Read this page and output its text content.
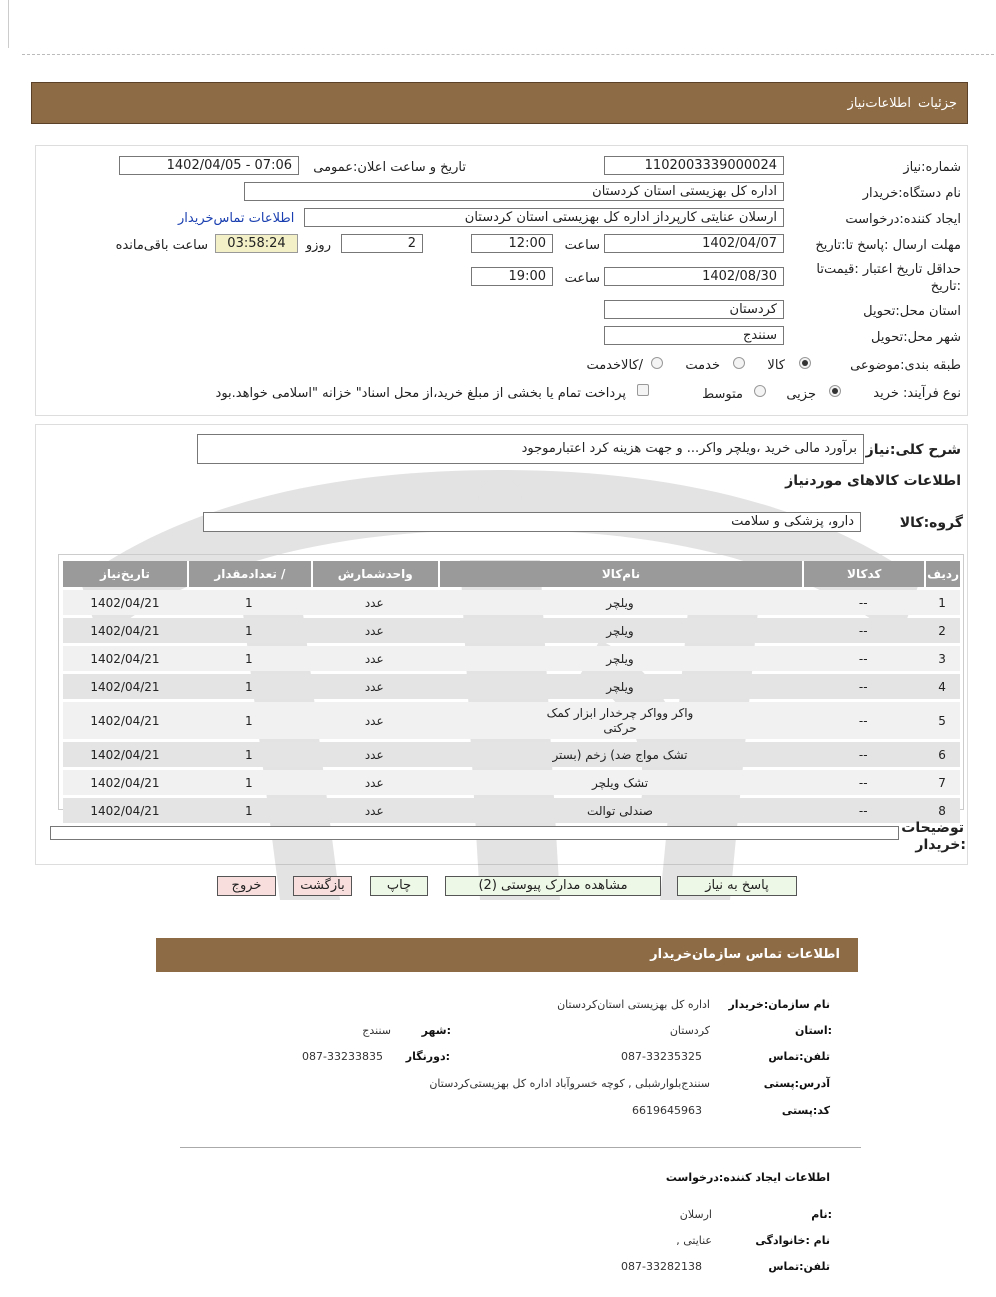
جزئیات
اطلاعات‌نیاز
شماره:نیاز
1102003339000024
تاریخ و ساعت اعلان:عمومی
1402/04/05 - 07:06
نام دستگاه:خریدار
اداره کل بهزیستی استان کردستان
ایجاد کننده:درخواست
ارسلان عنایتی کارپرداز اداره کل بهزیستی استان کردستان
اطلاعات تماس‌خریدار
مهلت ارسال :پاسخ تا:تاریخ
1402/04/07
ساعت
12:00
2
روزو
03:58:24
ساعت باقی‌مانده
حداقل تاریخ اعتبار :قیمت‌تا
:تاریخ
1402/08/30
ساعت
19:00
استان محل:تحویل
کردستان
شهر محل:تحویل
سنندج
طبقه بندی:موضوعی
کالا
خدمت
/کالاخدمت
نوع فرآیند: خرید
جزیی
متوسط
پرداخت تمام یا بخشی از مبلغ خرید،از محل اسناد" خزانه "اسلامی خواهد.بود
شرح کلی:نیاز
برآورد مالی خرید ،ویلچر واکر... و جهت هزینه کرد اعتبارموجود
اطلاعات کالاهای موردنیاز
گروه:کالا
دارو، پزشکی و سلامت
ردیف	کدکالا	نام‌کالا	واحدشمارش	/ تعدادمقدار	تاریخ‌نیاز
1	--	ویلچر	عدد	1	1402/04/21
2	--	ویلچر	عدد	1	1402/04/21
3	--	ویلچر	عدد	1	1402/04/21
4	--	ویلچر	عدد	1	1402/04/21
5	--	واکر وواکر چرخدار ابزار کمک حرکتی	عدد	1	1402/04/21
6	--	تشک مواج ضد) زخم (بستر	عدد	1	1402/04/21
7	--	تشک ویلچر	عدد	1	1402/04/21
8	--	صندلی توالت	عدد	1	1402/04/21
توضیحات
:خریدار
پاسخ به نیاز
مشاهده مدارک پیوستی (2)
چاپ
بازگشت
خروج
اطلاعات تماس سازمان‌خریدار
نام سازمان:خریدار
اداره کل بهزیستی استان‌کردستان
:استان
کردستان
:شهر
سنندج
تلفن:تماس
087-33235325
:دورنگار
087-33233835
آدرس:پستی
سنندج‌بلوار‌شبلی , کوچه خسروآباد اداره کل بهزیستی‌کردستان
کد:پستی
6619645963
اطلاعات ایجاد کننده:درخواست
:نام
ارسلان
نام :خانوادگی
عنایتی ,
تلفن:تماس
087-33282138
